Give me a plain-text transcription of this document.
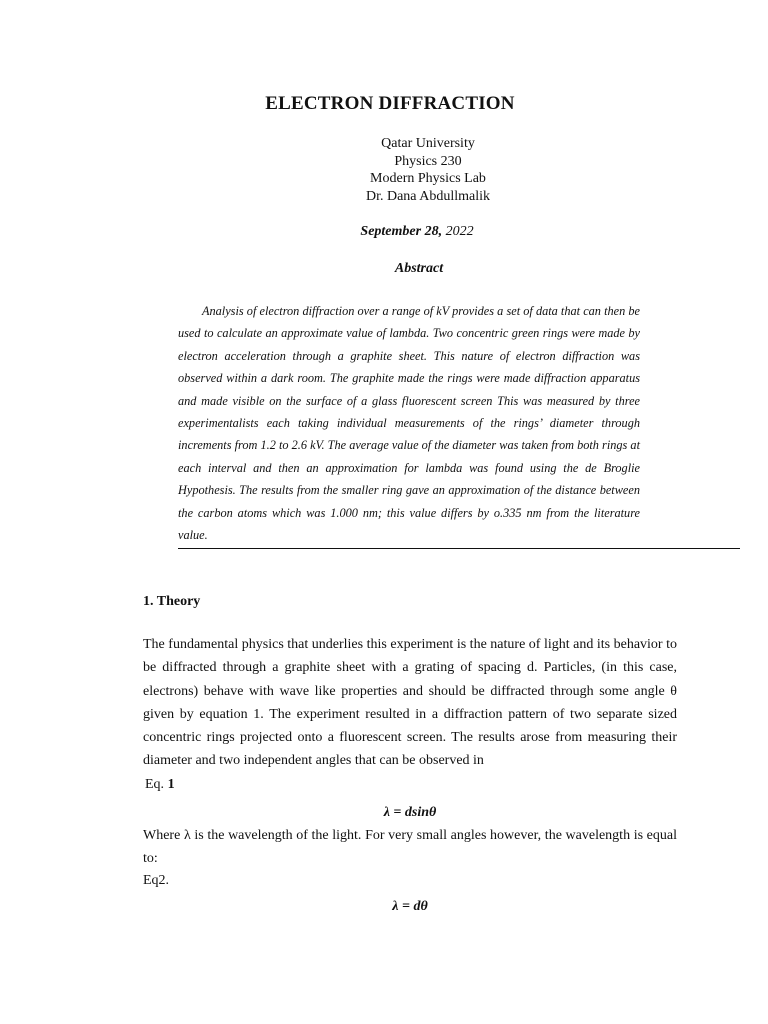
ELECTRON DIFFRACTION
Qatar University
Physics 230
Modern Physics Lab
Dr. Dana Abdullmalik
September 28, 2022
Abstract
Analysis of electron diffraction over a range of kV provides a set of data that can then be used to calculate an approximate value of lambda. Two concentric green rings were made by electron acceleration through a graphite sheet. This nature of electron diffraction was observed within a dark room. The graphite made the rings were made diffraction apparatus and made visible on the surface of a glass fluorescent screen This was measured by three experimentalists each taking individual measurements of the rings’ diameter through increments from 1.2 to 2.6 kV. The average value of the diameter was taken from both rings at each interval and then an approximation for lambda was found using the de Broglie Hypothesis. The results from the smaller ring gave an approximation of the distance between the carbon atoms which was 1.000 nm; this value differs by o.335 nm from the literature value.
1. Theory
The fundamental physics that underlies this experiment is the nature of light and its behavior to be diffracted through a graphite sheet with a grating of spacing d. Particles, (in this case, electrons) behave with wave like properties and should be diffracted through some angle θ given by equation 1. The experiment resulted in a diffraction pattern of two separate sized concentric rings projected onto a fluorescent screen. The results arose from measuring their diameter and two independent angles that can be observed in
Eq. 1
λ = dsinθ
Where λ is the wavelength of the light. For very small angles however, the wavelength is equal to:
Eq2.
λ = dθ
